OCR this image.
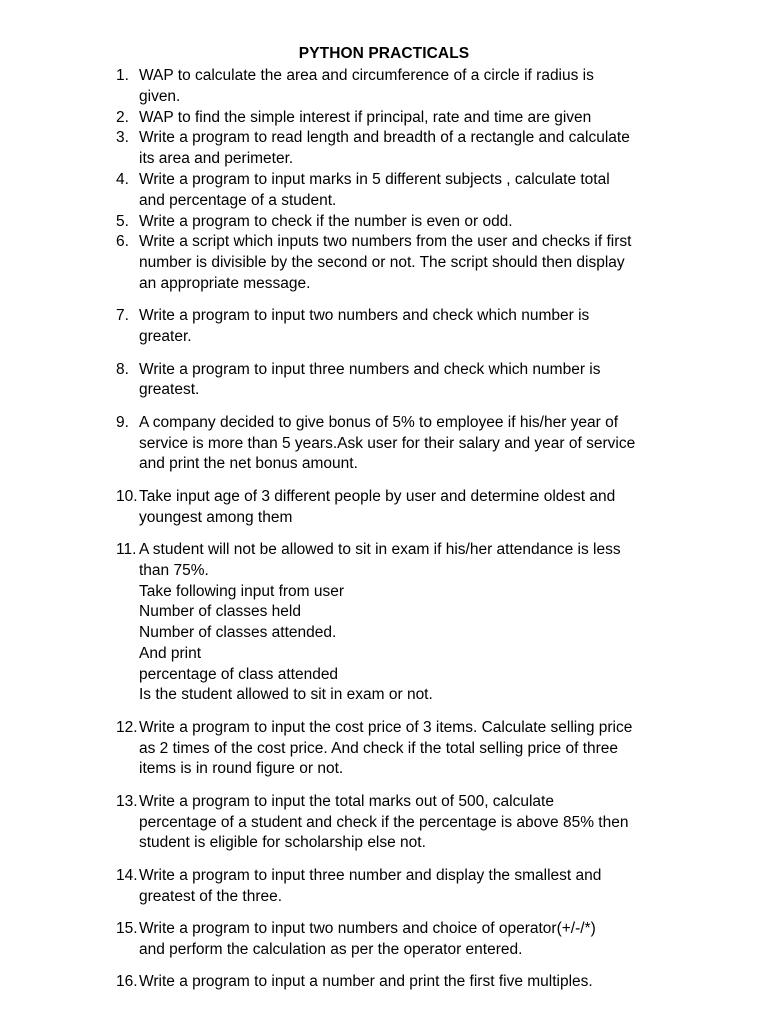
PYTHON PRACTICALS
1. WAP to calculate the area and circumference of a circle if radius is
given.
2. WAP to find the simple interest if principal, rate and time are given
3. Write a program to read length and breadth of a rectangle and calculate
its area and perimeter.
4. Write a program to input marks in 5 different subjects , calculate total
and percentage of a student.
5. Write a program to check if the number is even or odd.
6. Write a script which inputs two numbers from the user and checks if first
number is divisible by the second or not. The script should then display
an appropriate message.
7. Write a program to input two numbers and check which number is
greater.
8. Write a program to input three numbers and check which number is
greatest.
9. A company decided to give bonus of 5% to employee if his/her year of
service is more than 5 years.Ask user for their salary and year of service
and print the net bonus amount.
10. Take input age of 3 different people by user and determine oldest and
youngest among them
11. A student will not be allowed to sit in exam if his/her attendance is less
than 75%.
Take following input from user
Number of classes held
Number of classes attended.
And print
percentage of class attended
Is the student allowed to sit in exam or not.
12. Write a program to input the cost price of 3 items. Calculate selling price
as 2 times of the cost price. And check if the total selling price of three
items is in round figure or not.
13. Write a program to input the total marks out of 500, calculate
percentage of a student and check if the percentage is above 85% then
student is eligible for scholarship else not.
14. Write a program to input three number and display the smallest and
greatest of the three.
15. Write a program to input two numbers and choice of operator(+/-/*)
and perform the calculation as per the operator entered.
16. Write a program to input a number and print the first five multiples.
